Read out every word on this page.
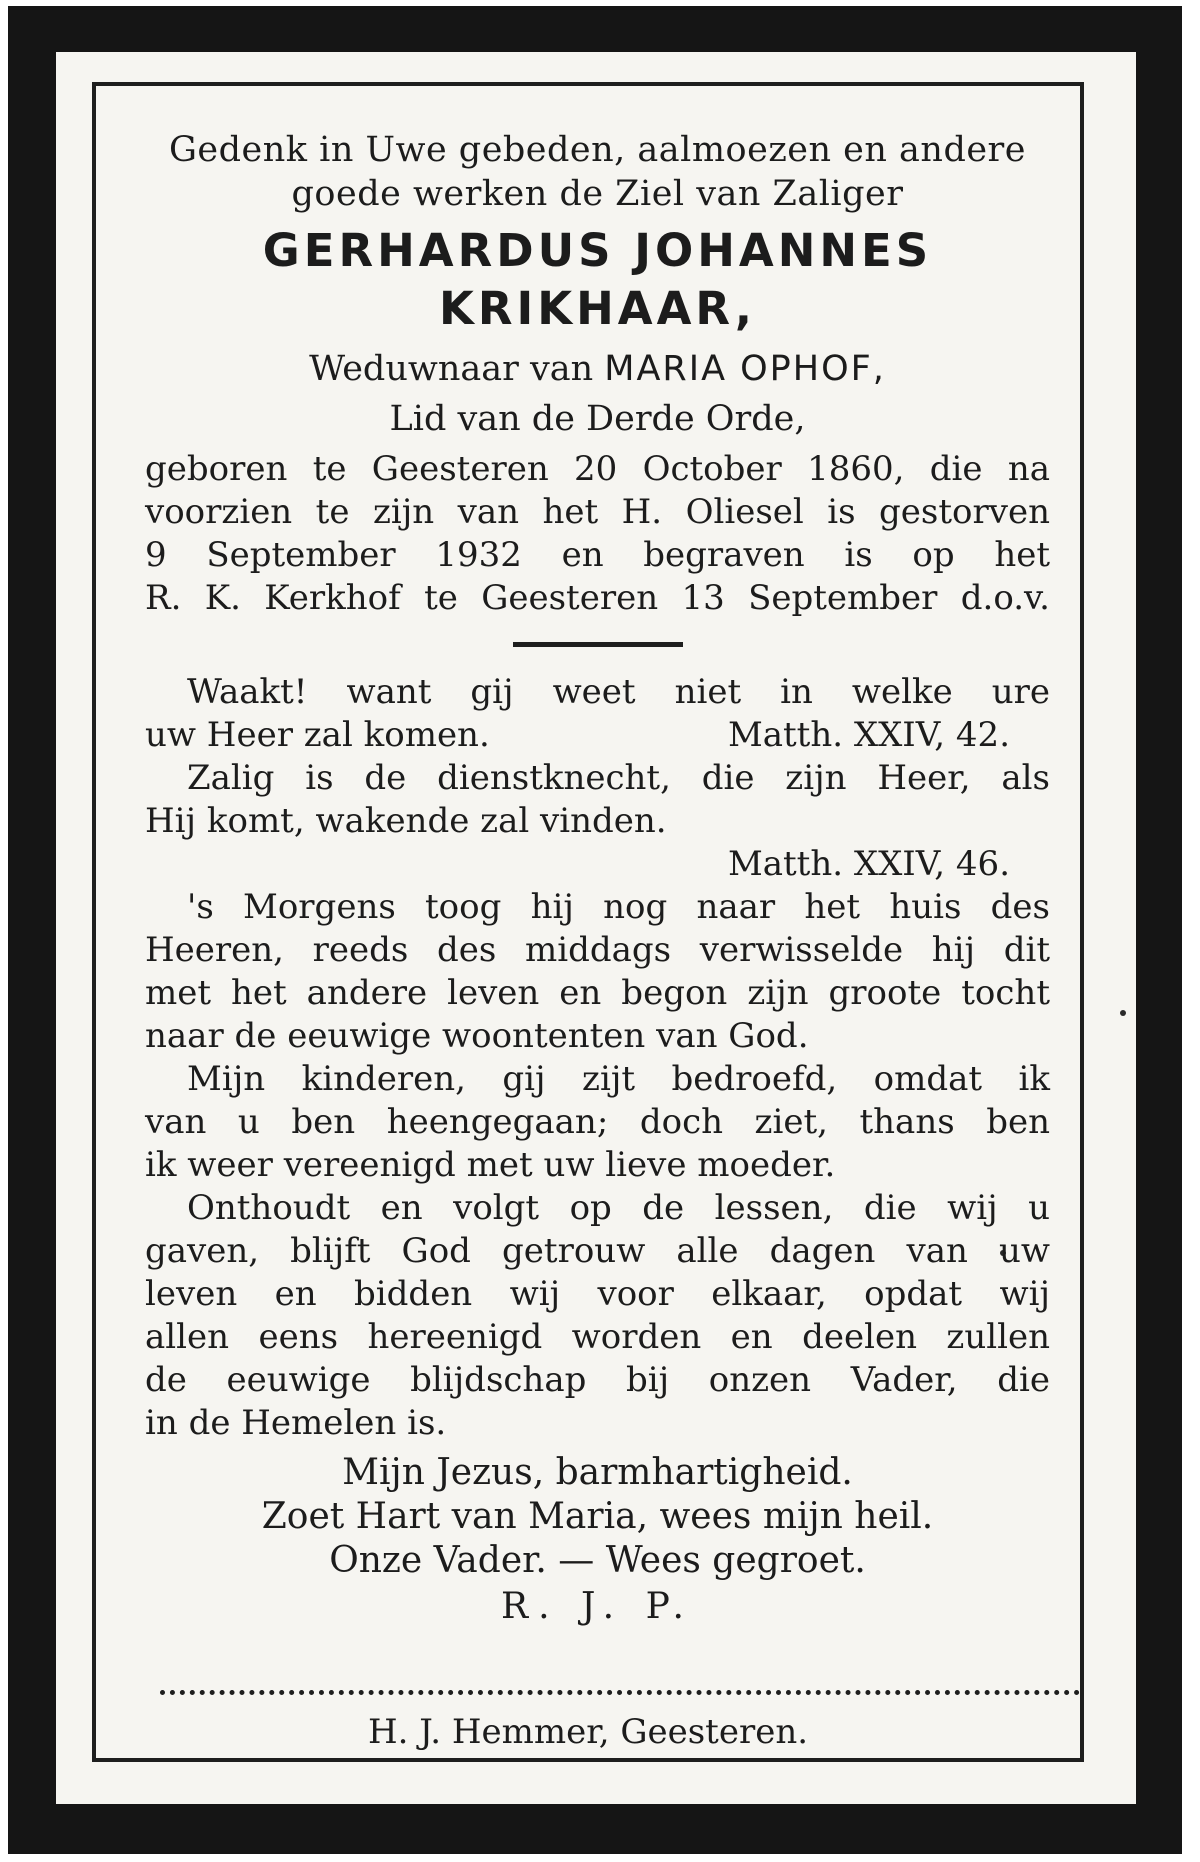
Gedenk in Uwe gebeden, aalmoezen en andere

goede werken de Ziel van Zaliger

GERHARDUS JOHANNES

KRIKHAAR,

Weduwnaar van MARIA OPHOF,

Lid van de Derde Orde,

geboren te Geesteren 20 October 1860, die na

voorzien te zijn van het H. Oliesel is gestorven

9 September 1932 en begraven is op het

R. K. Kerkhof te Geesteren 13 September d.o.v.

Waakt! want gij weet niet in welke ure

uw Heer zal komen.	Matth. XXIV, 42.

Zalig is de dienstknecht, die zijn Heer, als

Hij komt, wakende zal vinden.

Matth. XXIV, 46.

's Morgens toog hij nog naar het huis des

Heeren, reeds des middags verwisselde hij dit

met het andere leven en begon zijn groote tocht

naar de eeuwige woontenten van God.

Mijn kinderen, gij zijt bedroefd, omdat ik

van u ben heengegaan; doch ziet, thans ben

ik weer vereenigd met uw lieve moeder.

Onthoudt en volgt op de lessen, die wij u

gaven, blijft God getrouw alle dagen van uw

leven en bidden wij voor elkaar, opdat wij

allen eens hereenigd worden en deelen zullen

de eeuwige blijdschap bij onzen Vader, die

in de Hemelen is.

Mijn Jezus, barmhartigheid.

Zoet Hart van Maria, wees mijn heil.

Onze Vader. — Wees gegroet.

R. J. P.

H. J. Hemmer, Geesteren.
